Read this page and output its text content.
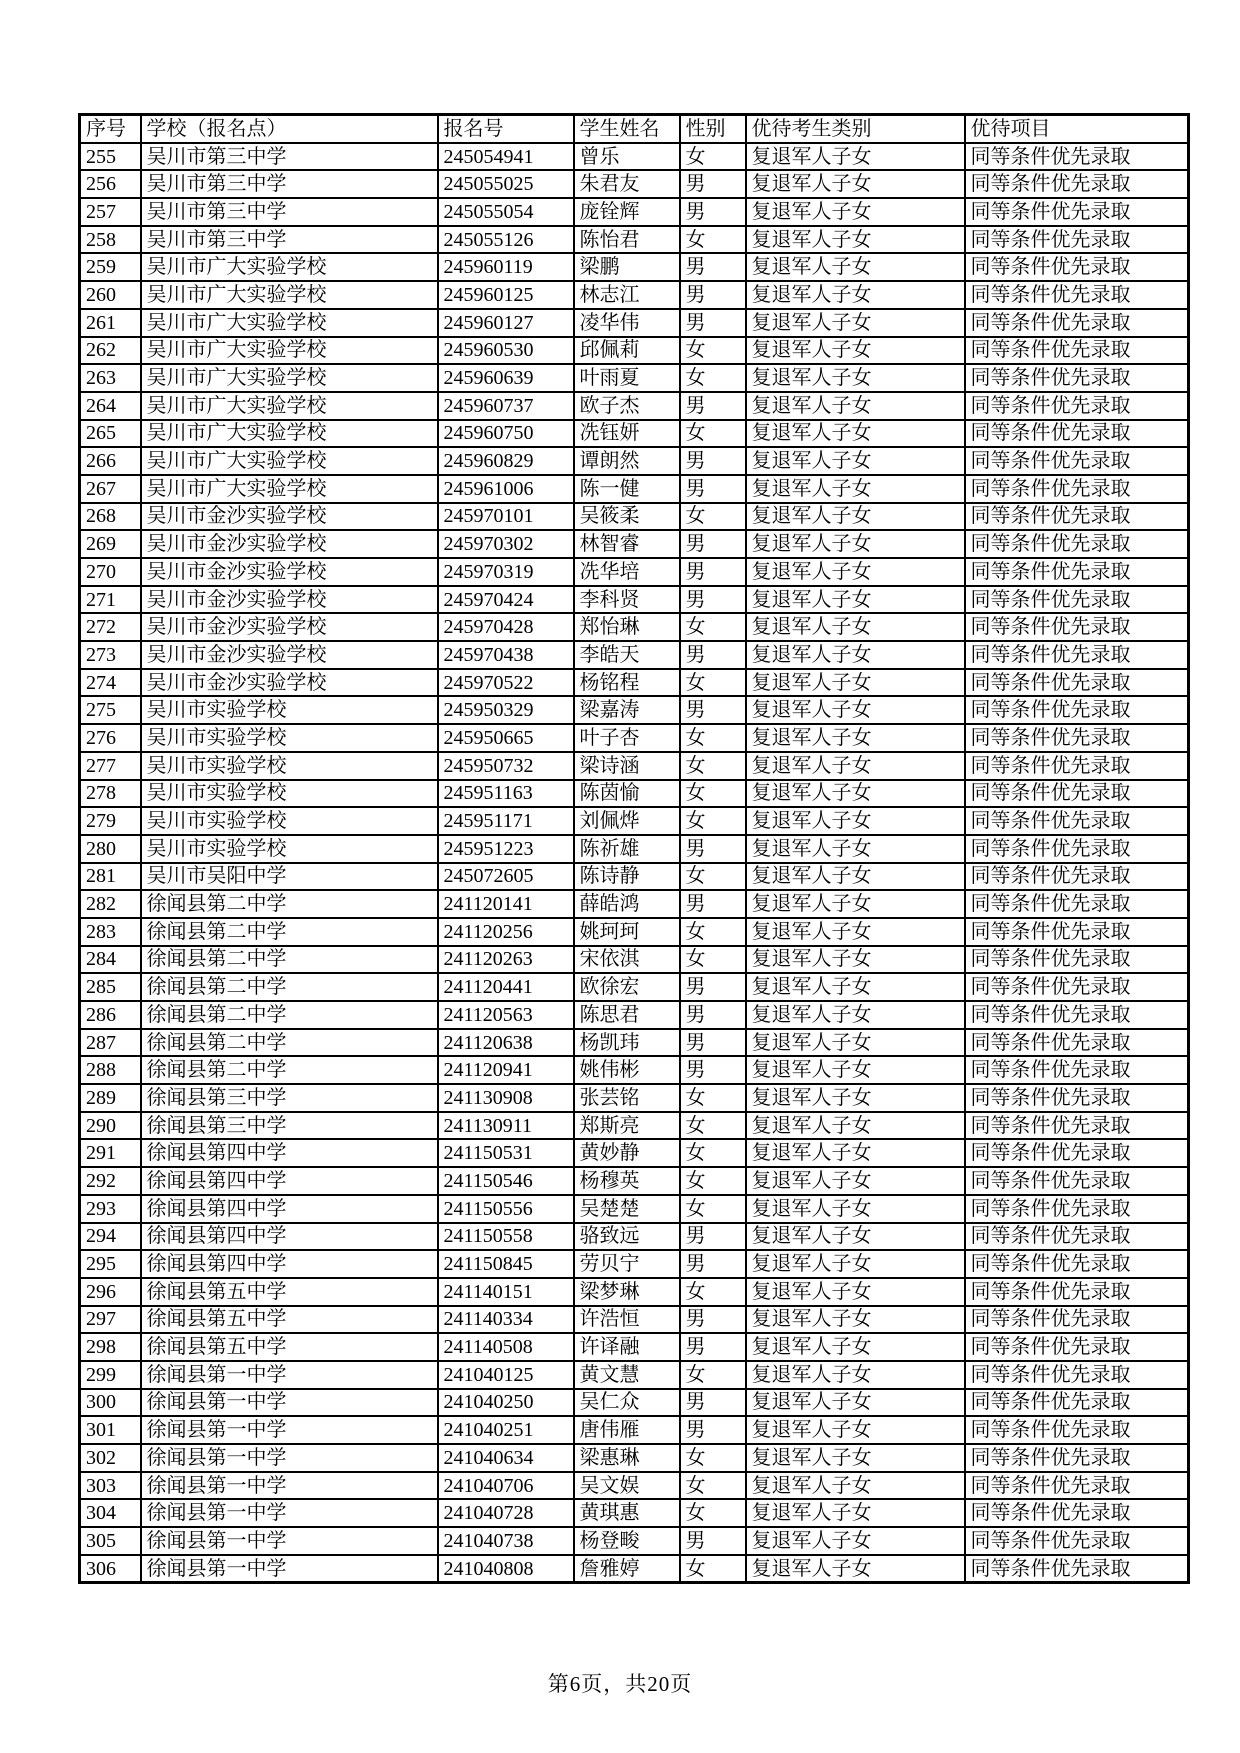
序号	学校（报名点）	报名号	学生姓名	性别	优待考生类别	优待项目
255	吴川市第三中学	245054941	曾乐	女	复退军人子女	同等条件优先录取
256	吴川市第三中学	245055025	朱君友	男	复退军人子女	同等条件优先录取
257	吴川市第三中学	245055054	庞铨辉	男	复退军人子女	同等条件优先录取
258	吴川市第三中学	245055126	陈怡君	女	复退军人子女	同等条件优先录取
259	吴川市广大实验学校	245960119	梁鹏	男	复退军人子女	同等条件优先录取
260	吴川市广大实验学校	245960125	林志江	男	复退军人子女	同等条件优先录取
261	吴川市广大实验学校	245960127	凌华伟	男	复退军人子女	同等条件优先录取
262	吴川市广大实验学校	245960530	邱佩莉	女	复退军人子女	同等条件优先录取
263	吴川市广大实验学校	245960639	叶雨夏	女	复退军人子女	同等条件优先录取
264	吴川市广大实验学校	245960737	欧子杰	男	复退军人子女	同等条件优先录取
265	吴川市广大实验学校	245960750	冼钰妍	女	复退军人子女	同等条件优先录取
266	吴川市广大实验学校	245960829	谭朗然	男	复退军人子女	同等条件优先录取
267	吴川市广大实验学校	245961006	陈一健	男	复退军人子女	同等条件优先录取
268	吴川市金沙实验学校	245970101	吴筱柔	女	复退军人子女	同等条件优先录取
269	吴川市金沙实验学校	245970302	林智睿	男	复退军人子女	同等条件优先录取
270	吴川市金沙实验学校	245970319	冼华培	男	复退军人子女	同等条件优先录取
271	吴川市金沙实验学校	245970424	李科贤	男	复退军人子女	同等条件优先录取
272	吴川市金沙实验学校	245970428	郑怡琳	女	复退军人子女	同等条件优先录取
273	吴川市金沙实验学校	245970438	李皓天	男	复退军人子女	同等条件优先录取
274	吴川市金沙实验学校	245970522	杨铭程	女	复退军人子女	同等条件优先录取
275	吴川市实验学校	245950329	梁嘉涛	男	复退军人子女	同等条件优先录取
276	吴川市实验学校	245950665	叶子杏	女	复退军人子女	同等条件优先录取
277	吴川市实验学校	245950732	梁诗涵	女	复退军人子女	同等条件优先录取
278	吴川市实验学校	245951163	陈茵愉	女	复退军人子女	同等条件优先录取
279	吴川市实验学校	245951171	刘佩烨	女	复退军人子女	同等条件优先录取
280	吴川市实验学校	245951223	陈祈雄	男	复退军人子女	同等条件优先录取
281	吴川市吴阳中学	245072605	陈诗静	女	复退军人子女	同等条件优先录取
282	徐闻县第二中学	241120141	薛皓鸿	男	复退军人子女	同等条件优先录取
283	徐闻县第二中学	241120256	姚珂珂	女	复退军人子女	同等条件优先录取
284	徐闻县第二中学	241120263	宋依淇	女	复退军人子女	同等条件优先录取
285	徐闻县第二中学	241120441	欧徐宏	男	复退军人子女	同等条件优先录取
286	徐闻县第二中学	241120563	陈思君	男	复退军人子女	同等条件优先录取
287	徐闻县第二中学	241120638	杨凯玮	男	复退军人子女	同等条件优先录取
288	徐闻县第二中学	241120941	姚伟彬	男	复退军人子女	同等条件优先录取
289	徐闻县第三中学	241130908	张芸铭	女	复退军人子女	同等条件优先录取
290	徐闻县第三中学	241130911	郑斯亮	女	复退军人子女	同等条件优先录取
291	徐闻县第四中学	241150531	黄妙静	女	复退军人子女	同等条件优先录取
292	徐闻县第四中学	241150546	杨穆英	女	复退军人子女	同等条件优先录取
293	徐闻县第四中学	241150556	吴楚楚	女	复退军人子女	同等条件优先录取
294	徐闻县第四中学	241150558	骆致远	男	复退军人子女	同等条件优先录取
295	徐闻县第四中学	241150845	劳贝宁	男	复退军人子女	同等条件优先录取
296	徐闻县第五中学	241140151	梁梦琳	女	复退军人子女	同等条件优先录取
297	徐闻县第五中学	241140334	许浩恒	男	复退军人子女	同等条件优先录取
298	徐闻县第五中学	241140508	许译融	男	复退军人子女	同等条件优先录取
299	徐闻县第一中学	241040125	黄文慧	女	复退军人子女	同等条件优先录取
300	徐闻县第一中学	241040250	吴仁众	男	复退军人子女	同等条件优先录取
301	徐闻县第一中学	241040251	唐伟雁	男	复退军人子女	同等条件优先录取
302	徐闻县第一中学	241040634	梁惠琳	女	复退军人子女	同等条件优先录取
303	徐闻县第一中学	241040706	吴文娱	女	复退军人子女	同等条件优先录取
304	徐闻县第一中学	241040728	黄琪惠	女	复退军人子女	同等条件优先录取
305	徐闻县第一中学	241040738	杨登畯	男	复退军人子女	同等条件优先录取
306	徐闻县第一中学	241040808	詹雅婷	女	复退军人子女	同等条件优先录取
第6页，共20页
